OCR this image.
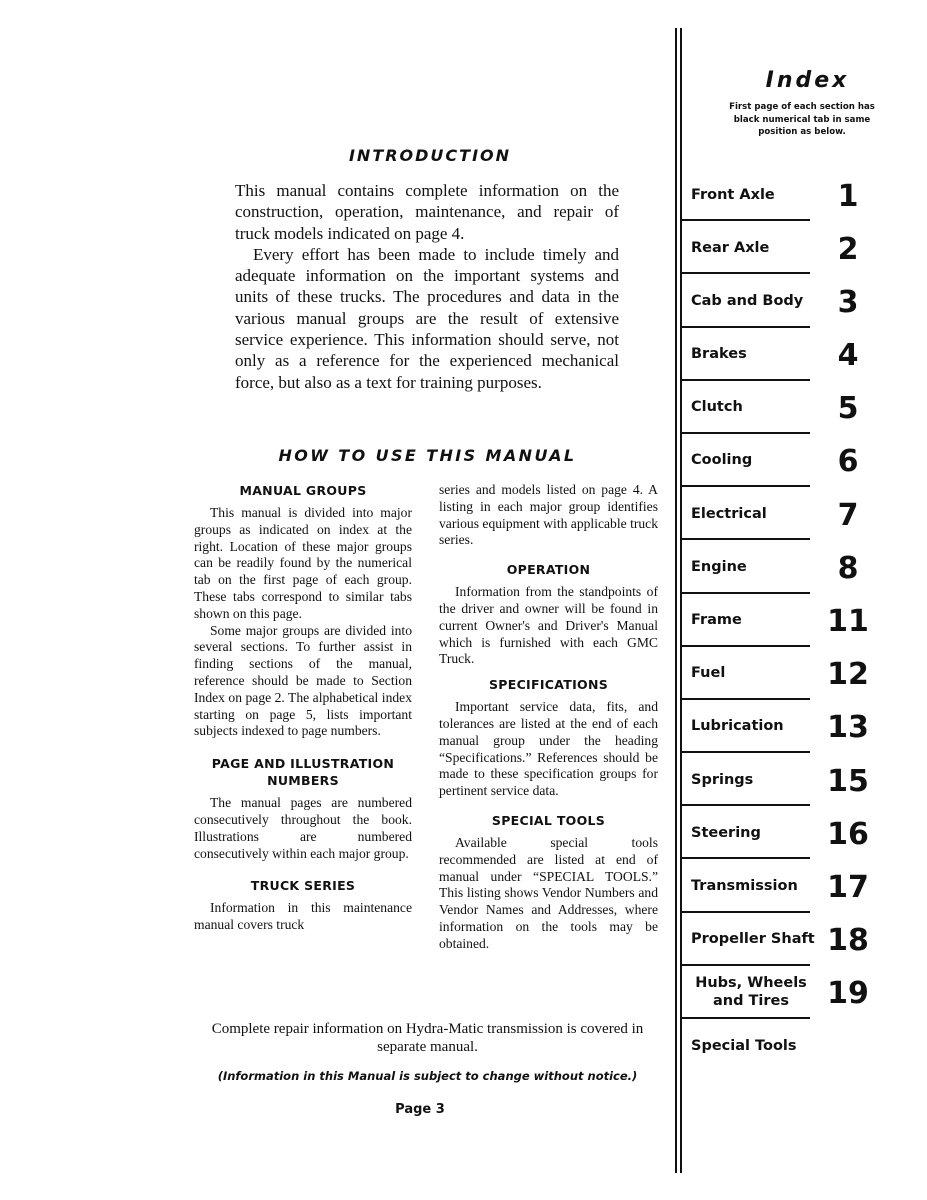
INTRODUCTION

This manual contains complete information on the construction, operation, maintenance, and repair of truck models indicated on page 4.

Every effort has been made to include timely and adequate information on the important systems and units of these trucks. The procedures and data in the various manual groups are the result of extensive service experience. This information should serve, not only as a reference for the experienced mechanical force, but also as a text for training purposes.

HOW TO USE THIS MANUAL

MANUAL GROUPS

This manual is divided into major groups as indicated on index at the right. Location of these major groups can be readily found by the numerical tab on the first page of each group. These tabs correspond to similar tabs shown on this page.

Some major groups are divided into several sections. To further assist in finding sections of the manual, reference should be made to Section Index on page 2. The alphabetical index starting on page 5, lists important subjects indexed to page numbers.

PAGE AND ILLUSTRATION NUMBERS

The manual pages are numbered consecutively throughout the book. Illustrations are numbered consecutively within each major group.

TRUCK SERIES

Information in this maintenance manual covers truck

series and models listed on page 4. A listing in each major group identifies various equipment with applicable truck series.

OPERATION

Information from the standpoints of the driver and owner will be found in current Owner's and Driver's Manual which is furnished with each GMC Truck.

SPECIFICATIONS

Important service data, fits, and tolerances are listed at the end of each manual group under the heading “Specifications.” References should be made to these specification groups for pertinent service data.

SPECIAL TOOLS

Available special tools recommended are listed at end of manual under “SPECIAL TOOLS.” This listing shows Vendor Numbers and Vendor Names and Addresses, where information on the tools may be obtained.

Complete repair information on Hydra-Matic transmission is covered in separate manual.
(Information in this Manual is subject to change without notice.)
Page 3
Index
First page of each section has black numerical tab in same position as below.
Front Axle	1
Rear Axle	2
Cab and Body	3
Brakes	4
Clutch	5
Cooling	6
Electrical	7
Engine	8
Frame	11
Fuel	12
Lubrication	13
Springs	15
Steering	16
Transmission 17
Propeller Shaft 18
Hubs, Wheels and Tires	19
Special Tools
